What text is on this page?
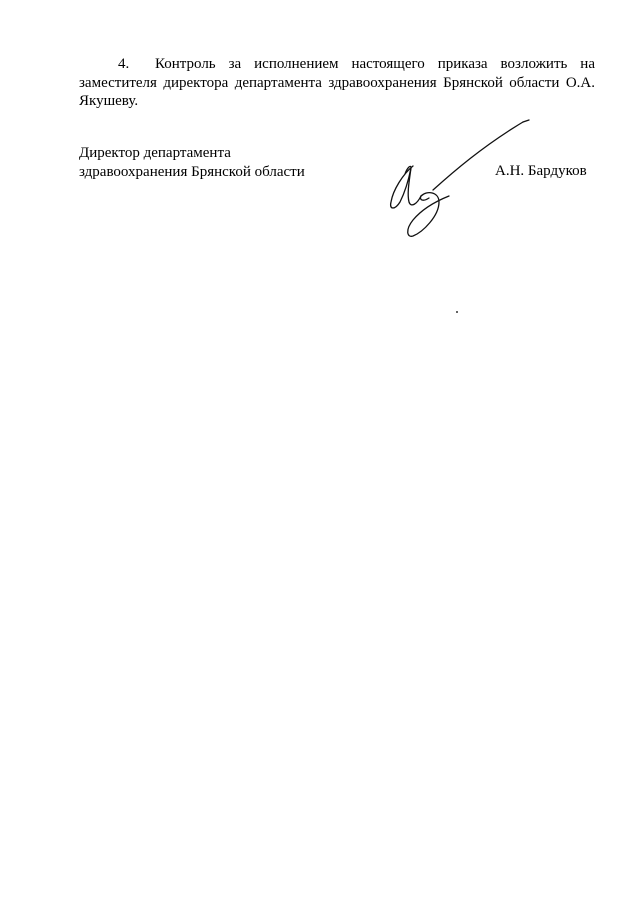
4. Контроль за исполнением настоящего приказа возложить на
заместителя директора департамента здравоохранения Брянской области О.А.
Якушеву.
Директор департамента
здравоохранения Брянской области	А.Н. Бардуков
